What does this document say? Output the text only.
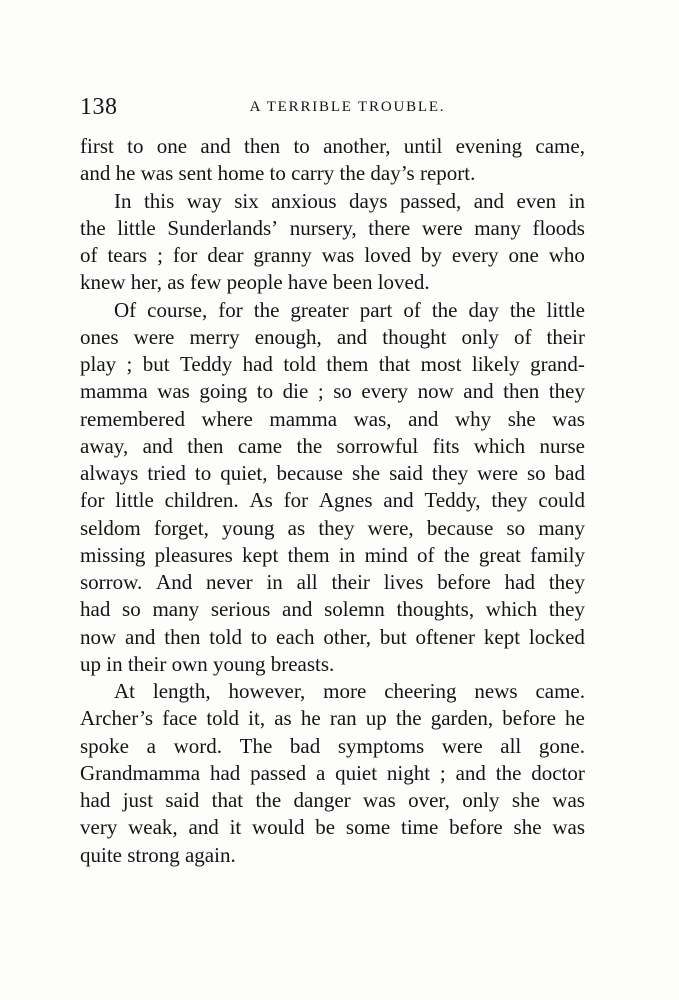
138	A TERRIBLE TROUBLE.

first to one and then to another, until evening came,
and he was sent home to carry the day’s report.

In this way six anxious days passed, and even in
the little Sunderlands’ nursery, there were many floods
of tears ; for dear granny was loved by every one who
knew her, as few people have been loved.

Of course, for the greater part of the day the little
ones were merry enough, and thought only of their
play ; but Teddy had told them that most likely grand-
mamma was going to die ; so every now and then they
remembered where mamma was, and why she was
away, and then came the sorrowful fits which nurse
always tried to quiet, because she said they were so bad
for little children. As for Agnes and Teddy, they could
seldom forget, young as they were, because so many
missing pleasures kept them in mind of the great family
sorrow. And never in all their lives before had they
had so many serious and solemn thoughts, which they
now and then told to each other, but oftener kept locked
up in their own young breasts.

At length, however, more cheering news came.
Archer’s face told it, as he ran up the garden, before he
spoke a word. The bad symptoms were all gone.
Grandmamma had passed a quiet night ; and the doctor
had just said that the danger was over, only she was
very weak, and it would be some time before she was
quite strong again.
